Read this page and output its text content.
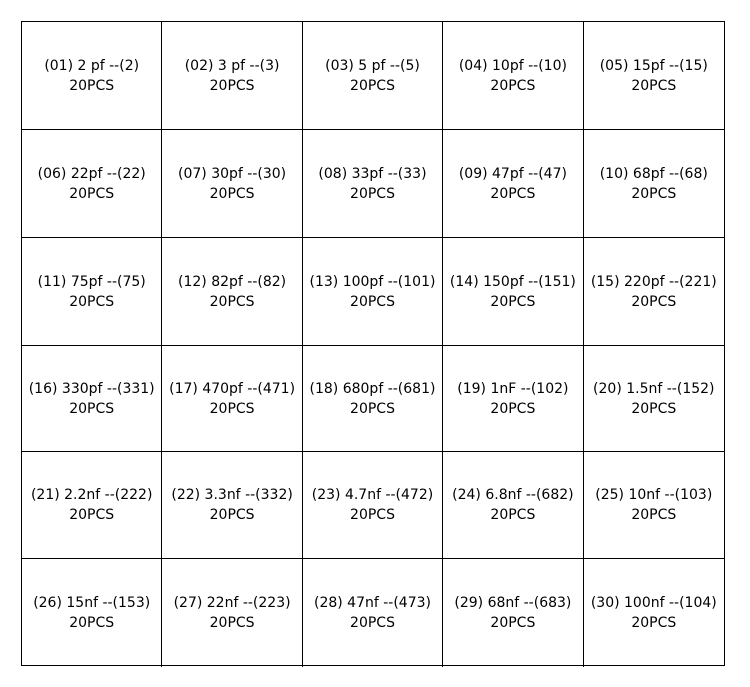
(01) 2 pf --(2)
20PCS
(02) 3 pf --(3)
20PCS
(03) 5 pf --(5)
20PCS
(04) 10pf --(10)
20PCS
(05) 15pf --(15)
20PCS
(06) 22pf --(22)
20PCS
(07) 30pf --(30)
20PCS
(08) 33pf --(33)
20PCS
(09) 47pf --(47)
20PCS
(10) 68pf --(68)
20PCS
(11) 75pf --(75)
20PCS
(12) 82pf --(82)
20PCS
(13) 100pf --(101)
20PCS
(14) 150pf --(151)
20PCS
(15) 220pf --(221)
20PCS
(16) 330pf --(331)
20PCS
(17) 470pf --(471)
20PCS
(18) 680pf --(681)
20PCS
(19) 1nF --(102)
20PCS
(20) 1.5nf --(152)
20PCS
(21) 2.2nf --(222)
20PCS
(22) 3.3nf --(332)
20PCS
(23) 4.7nf --(472)
20PCS
(24) 6.8nf --(682)
20PCS
(25) 10nf --(103)
20PCS
(26) 15nf --(153)
20PCS
(27) 22nf --(223)
20PCS
(28) 47nf --(473)
20PCS
(29) 68nf --(683)
20PCS
(30) 100nf --(104)
20PCS
